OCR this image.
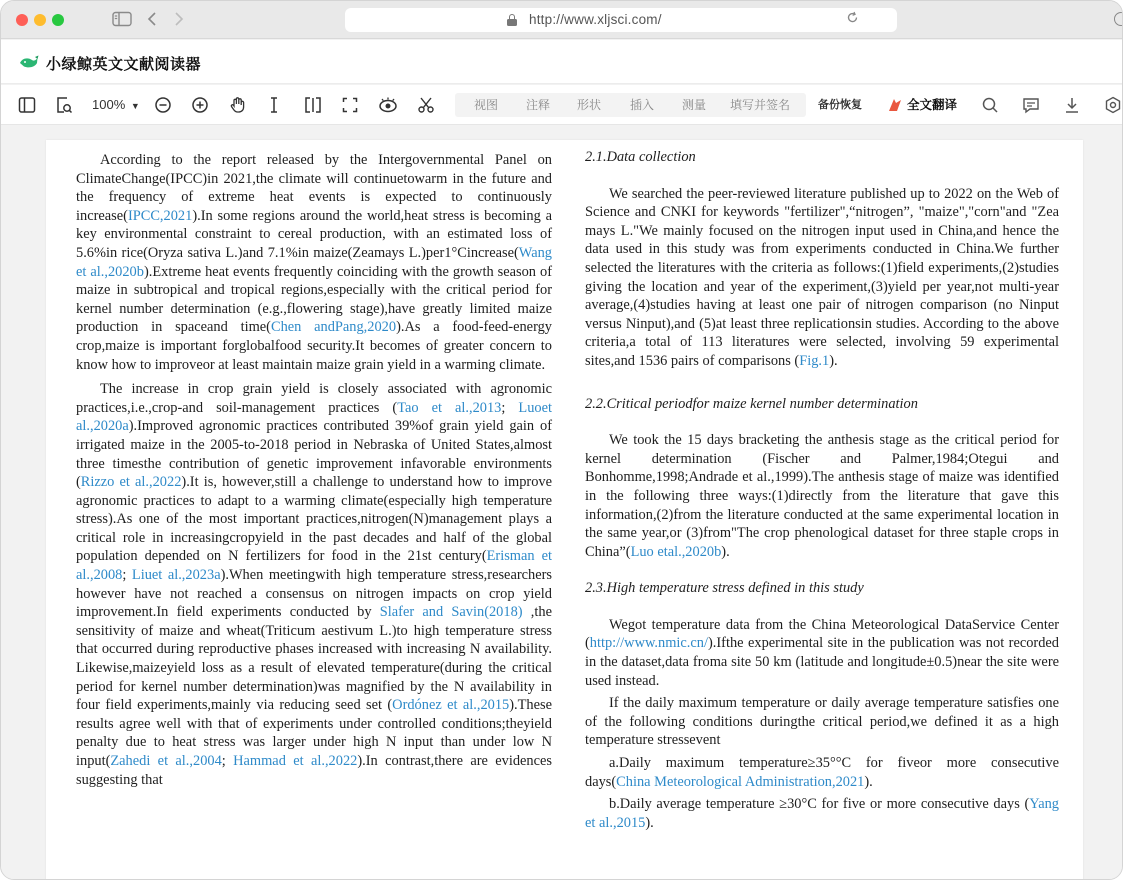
http://www.xljsci.com/
小绿鲸英文文献阅读器
100% ▼	视图 注释 形状 插入 测量 填写并签名	备份恢复	全文翻译

According to the report released by the Intergovernmental Panel on ClimateChange(IPCC)in 2021,the climate will continuetowarm in the future and the frequency of extreme heat events is expected to continuously increase(IPCC,2021).In some regions around the world,heat stress is becoming a key environmental constraint to cereal production, with an estimated loss of 5.6%in rice(Oryza sativa L.)and 7.1%in maize(Zeamays L.)per1°Cincrease(Wang et al.,2020b).Extreme heat events frequently coinciding with the growth season of maize in subtropical and tropical regions,especially with the critical period for kernel number determination (e.g.,flowering stage),have greatly limited maize production in spaceand time(Chen andPang,2020).As a food-feed-energy crop,maize is important forglobalfood security.It becomes of greater concern to know how to improveor at least maintain maize grain yield in a warming climate.

The increase in crop grain yield is closely associated with agronomic practices,i.e.,crop-and soil-management practices (Tao et al.,2013; Luoet al.,2020a).Improved agronomic practices contributed 39%of grain yield gain of irrigated maize in the 2005-to-2018 period in Nebraska of United States,almost three timesthe contribution of genetic improvement infavorable environments (Rizzo et al.,2022).It is, however,still a challenge to understand how to improve agronomic practices to adapt to a warming climate(especially high temperature stress).As one of the most important practices,nitrogen(N)management plays a critical role in increasingcropyield in the past decades and half of the global population depended on N fertilizers for food in the 21st century(Erisman et al.,2008; Liuet al.,2023a).When meetingwith high temperature stress,researchers however have not reached a consensus on nitrogen impacts on crop yield improvement.In field experiments conducted by Slafer and Savin(2018) ,the sensitivity of maize and wheat(Triticum aestivum L.)to high temperature stress that occurred during reproductive phases increased with increasing N availability. Likewise,maizeyield loss as a result of elevated temperature(during the critical period for kernel number determination)was magnified by the N availability in four field experiments,mainly via reducing seed set (Ordónez et al.,2015).These results agree well with that of experiments under controlled conditions;theyield penalty due to heat stress was larger under high N input than under low N input(Zahedi et al.,2004; Hammad et al.,2022).In contrast,there are evidences suggesting that

2.1.Data collection

We searched the peer-reviewed literature published up to 2022 on the Web of Science and CNKI for keywords "fertilizer",“nitrogen”, "maize","corn"and "Zea mays L."We mainly focused on the nitrogen input used in China,and hence the data used in this study was from experiments conducted in China.We further selected the literatures with the criteria as follows:(1)field experiments,(2)studies giving the location and year of the experiment,(3)yield per year,not multi-year average,(4)studies having at least one pair of nitrogen comparison (no Ninput versus Ninput),and (5)at least three replicationsin studies. According to the above criteria,a total of 113 literatures were selected, involving 59 experimental sites,and 1536 pairs of comparisons (Fig.1).

2.2.Critical periodfor maize kernel number determination

We took the 15 days bracketing the anthesis stage as the critical period for kernel determination (Fischer and Palmer,1984;Otegui and Bonhomme,1998;Andrade et al.,1999).The anthesis stage of maize was identified in the following three ways:(1)directly from the literature that gave this information,(2)from the literature conducted at the same experimental location in the same year,or (3)from"The crop phenological dataset for three staple crops in China”(Luo etal.,2020b).

2.3.High temperature stress defined in this study

Wegot temperature data from the China Meteorological DataService Center (http://www.nmic.cn/).Ifthe experimental site in the publication was not recorded in the dataset,data froma site 50 km (latitude and longitude±0.5)near the site were used instead.

If the daily maximum temperature or daily average temperature satisfies one of the following conditions duringthe critical period,we defined it as a high temperature stressevent

a.Daily maximum temperature≥35°°C for fiveor more consecutive days(China Meteorological Administration,2021).

b.Daily average temperature ≥30°C for five or more consecutive days (Yang et al.,2015).
